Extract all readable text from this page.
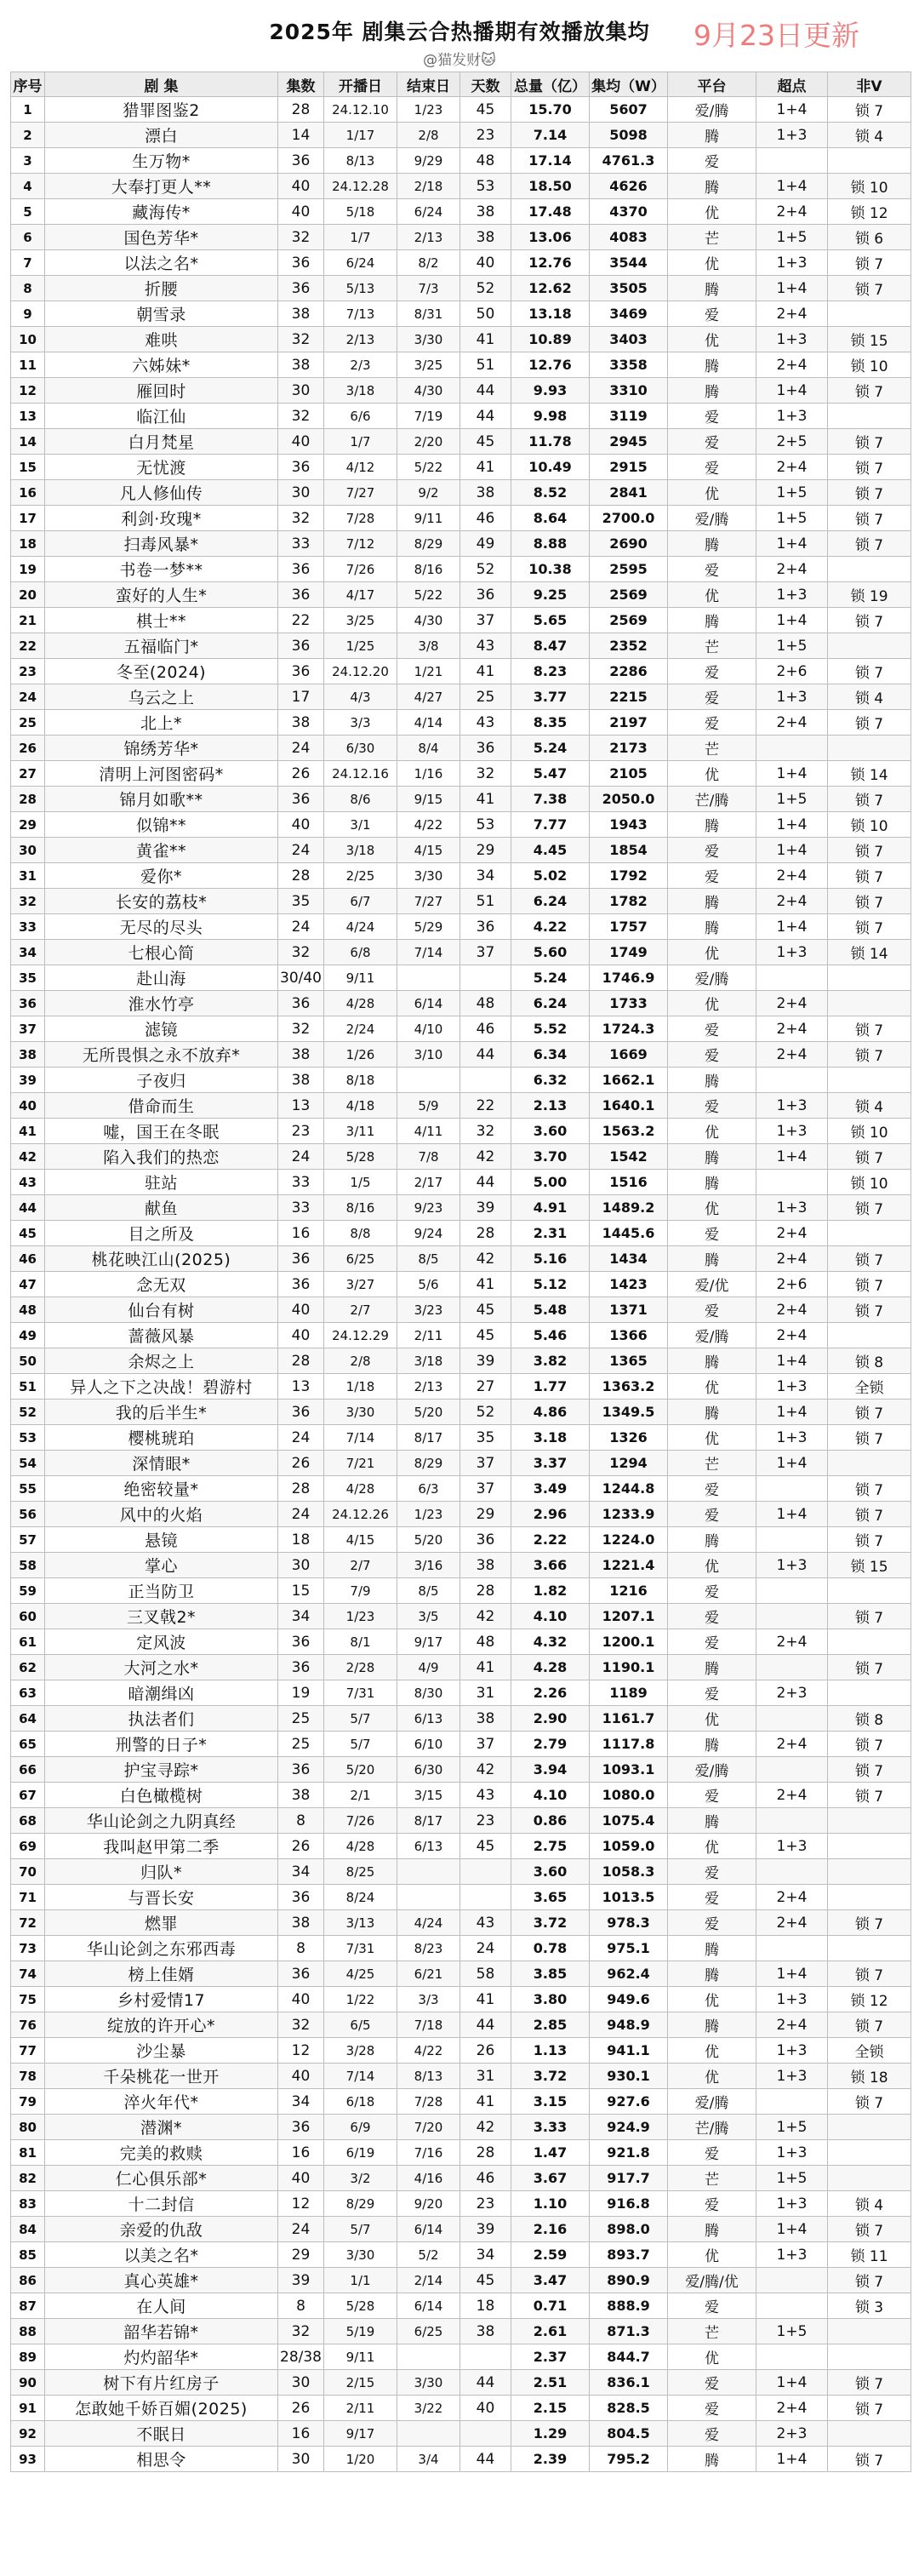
2025年 剧集云合热播期有效播放集均	9月23日更新
@猫发财🐱
序号	剧 集	集数	开播日	结束日	天数	总量（亿）	集均（W）	平台	超点	非V
1	猎罪图鉴2	28	24.12.10	1/23	45	15.70	5607	爱/腾	1+4	锁 7
2	漂白	14	1/17	2/8	23	7.14	5098	腾	1+3	锁 4
3	生万物*	36	8/13	9/29	48	17.14	4761.3	爱		
4	大奉打更人**	40	24.12.28	2/18	53	18.50	4626	腾	1+4	锁 10
5	藏海传*	40	5/18	6/24	38	17.48	4370	优	2+4	锁 12
6	国色芳华*	32	1/7	2/13	38	13.06	4083	芒	1+5	锁 6
7	以法之名*	36	6/24	8/2	40	12.76	3544	优	1+3	锁 7
8	折腰	36	5/13	7/3	52	12.62	3505	腾	1+4	锁 7
9	朝雪录	38	7/13	8/31	50	13.18	3469	爱	2+4	
10	难哄	32	2/13	3/30	41	10.89	3403	优	1+3	锁 15
11	六姊妹*	38	2/3	3/25	51	12.76	3358	腾	2+4	锁 10
12	雁回时	30	3/18	4/30	44	9.93	3310	腾	1+4	锁 7
13	临江仙	32	6/6	7/19	44	9.98	3119	爱	1+3	
14	白月梵星	40	1/7	2/20	45	11.78	2945	爱	2+5	锁 7
15	无忧渡	36	4/12	5/22	41	10.49	2915	爱	2+4	锁 7
16	凡人修仙传	30	7/27	9/2	38	8.52	2841	优	1+5	锁 7
17	利剑·玫瑰*	32	7/28	9/11	46	8.64	2700.0	爱/腾	1+5	锁 7
18	扫毒风暴*	33	7/12	8/29	49	8.88	2690	腾	1+4	锁 7
19	书卷一梦**	36	7/26	8/16	52	10.38	2595	爱	2+4	
20	蛮好的人生*	36	4/17	5/22	36	9.25	2569	优	1+3	锁 19
21	棋士**	22	3/25	4/30	37	5.65	2569	腾	1+4	锁 7
22	五福临门*	36	1/25	3/8	43	8.47	2352	芒	1+5	
23	冬至(2024)	36	24.12.20	1/21	41	8.23	2286	爱	2+6	锁 7
24	乌云之上	17	4/3	4/27	25	3.77	2215	爱	1+3	锁 4
25	北上*	38	3/3	4/14	43	8.35	2197	爱	2+4	锁 7
26	锦绣芳华*	24	6/30	8/4	36	5.24	2173	芒		
27	清明上河图密码*	26	24.12.16	1/16	32	5.47	2105	优	1+4	锁 14
28	锦月如歌**	36	8/6	9/15	41	7.38	2050.0	芒/腾	1+5	锁 7
29	似锦**	40	3/1	4/22	53	7.77	1943	腾	1+4	锁 10
30	黄雀**	24	3/18	4/15	29	4.45	1854	爱	1+4	锁 7
31	爱你*	28	2/25	3/30	34	5.02	1792	爱	2+4	锁 7
32	长安的荔枝*	35	6/7	7/27	51	6.24	1782	腾	2+4	锁 7
33	无尽的尽头	24	4/24	5/29	36	4.22	1757	腾	1+4	锁 7
34	七根心简	32	6/8	7/14	37	5.60	1749	优	1+3	锁 14
35	赴山海	30/40	9/11			5.24	1746.9	爱/腾		
36	淮水竹亭	36	4/28	6/14	48	6.24	1733	优	2+4	
37	滤镜	32	2/24	4/10	46	5.52	1724.3	爱	2+4	锁 7
38	无所畏惧之永不放弃*	38	1/26	3/10	44	6.34	1669	爱	2+4	锁 7
39	子夜归	38	8/18			6.32	1662.1	腾		
40	借命而生	13	4/18	5/9	22	2.13	1640.1	爱	1+3	锁 4
41	嘘，国王在冬眠	23	3/11	4/11	32	3.60	1563.2	优	1+3	锁 10
42	陷入我们的热恋	24	5/28	7/8	42	3.70	1542	腾	1+4	锁 7
43	驻站	33	1/5	2/17	44	5.00	1516	腾		锁 10
44	献鱼	33	8/16	9/23	39	4.91	1489.2	优	1+3	锁 7
45	目之所及	16	8/8	9/24	28	2.31	1445.6	爱	2+4	
46	桃花映江山(2025)	36	6/25	8/5	42	5.16	1434	腾	2+4	锁 7
47	念无双	36	3/27	5/6	41	5.12	1423	爱/优	2+6	锁 7
48	仙台有树	40	2/7	3/23	45	5.48	1371	爱	2+4	锁 7
49	蔷薇风暴	40	24.12.29	2/11	45	5.46	1366	爱/腾	2+4	
50	余烬之上	28	2/8	3/18	39	3.82	1365	腾	1+4	锁 8
51	异人之下之决战！碧游村	13	1/18	2/13	27	1.77	1363.2	优	1+3	全锁
52	我的后半生*	36	3/30	5/20	52	4.86	1349.5	腾	1+4	锁 7
53	樱桃琥珀	24	7/14	8/17	35	3.18	1326	优	1+3	锁 7
54	深情眼*	26	7/21	8/29	37	3.37	1294	芒	1+4	
55	绝密较量*	28	4/28	6/3	37	3.49	1244.8	爱		锁 7
56	风中的火焰	24	24.12.26	1/23	29	2.96	1233.9	爱	1+4	锁 7
57	悬镜	18	4/15	5/20	36	2.22	1224.0	腾		锁 7
58	掌心	30	2/7	3/16	38	3.66	1221.4	优	1+3	锁 15
59	正当防卫	15	7/9	8/5	28	1.82	1216	爱		
60	三叉戟2*	34	1/23	3/5	42	4.10	1207.1	爱		锁 7
61	定风波	36	8/1	9/17	48	4.32	1200.1	爱	2+4	
62	大河之水*	36	2/28	4/9	41	4.28	1190.1	腾		锁 7
63	暗潮缉凶	19	7/31	8/30	31	2.26	1189	爱	2+3	
64	执法者们	25	5/7	6/13	38	2.90	1161.7	优		锁 8
65	刑警的日子*	25	5/7	6/10	37	2.79	1117.8	腾	2+4	锁 7
66	护宝寻踪*	36	5/20	6/30	42	3.94	1093.1	爱/腾		锁 7
67	白色橄榄树	38	2/1	3/15	43	4.10	1080.0	爱	2+4	锁 7
68	华山论剑之九阴真经	8	7/26	8/17	23	0.86	1075.4	腾		
69	我叫赵甲第二季	26	4/28	6/13	45	2.75	1059.0	优	1+3	
70	归队*	34	8/25			3.60	1058.3	爱		
71	与晋长安	36	8/24			3.65	1013.5	爱	2+4	
72	燃罪	38	3/13	4/24	43	3.72	978.3	爱	2+4	锁 7
73	华山论剑之东邪西毒	8	7/31	8/23	24	0.78	975.1	腾		
74	榜上佳婿	36	4/25	6/21	58	3.85	962.4	腾	1+4	锁 7
75	乡村爱情17	40	1/22	3/3	41	3.80	949.6	优	1+3	锁 12
76	绽放的许开心*	32	6/5	7/18	44	2.85	948.9	腾	2+4	锁 7
77	沙尘暴	12	3/28	4/22	26	1.13	941.1	优	1+3	全锁
78	千朵桃花一世开	40	7/14	8/13	31	3.72	930.1	优	1+3	锁 18
79	淬火年代*	34	6/18	7/28	41	3.15	927.6	爱/腾		锁 7
80	潜渊*	36	6/9	7/20	42	3.33	924.9	芒/腾	1+5	
81	完美的救赎	16	6/19	7/16	28	1.47	921.8	爱	1+3	
82	仁心俱乐部*	40	3/2	4/16	46	3.67	917.7	芒	1+5	
83	十二封信	12	8/29	9/20	23	1.10	916.8	爱	1+3	锁 4
84	亲爱的仇敌	24	5/7	6/14	39	2.16	898.0	腾	1+4	锁 7
85	以美之名*	29	3/30	5/2	34	2.59	893.7	优	1+3	锁 11
86	真心英雄*	39	1/1	2/14	45	3.47	890.9	爱/腾/优		锁 7
87	在人间	8	5/28	6/14	18	0.71	888.9	爱		锁 3
88	韶华若锦*	32	5/19	6/25	38	2.61	871.3	芒	1+5	
89	灼灼韶华*	28/38	9/11			2.37	844.7	优		
90	树下有片红房子	30	2/15	3/30	44	2.51	836.1	爱	1+4	锁 7
91	怎敢她千娇百媚(2025)	26	2/11	3/22	40	2.15	828.5	爱	2+4	锁 7
92	不眠日	16	9/17			1.29	804.5	爱	2+3	
93	相思令	30	1/20	3/4	44	2.39	795.2	腾	1+4	锁 7
